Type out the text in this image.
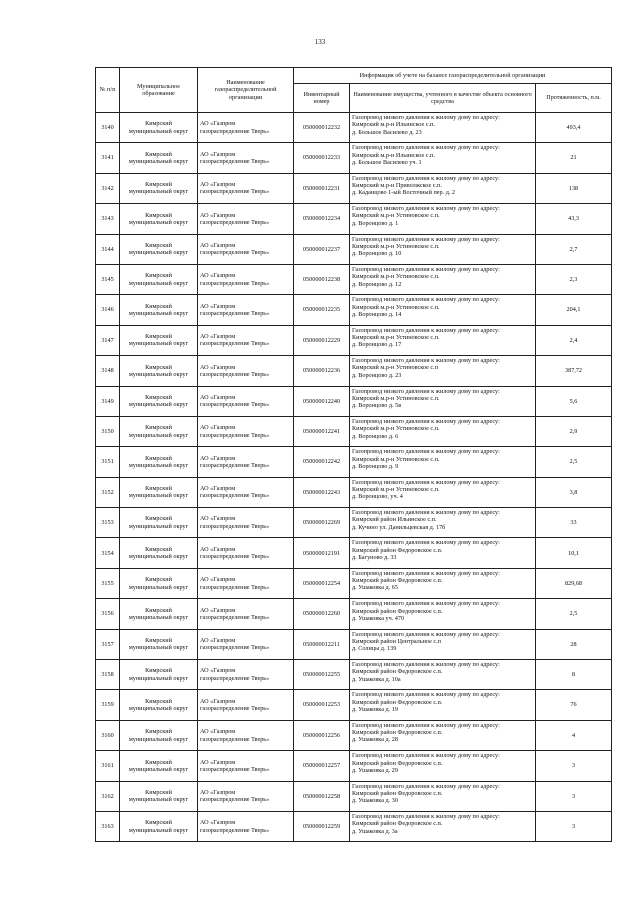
133
№ п/п	Муниципальное образование	Наименование газораспределительной организации	Информация об учете на балансе газораспределительной организации		
			Инвентарный номер	Наименование имущества, учтенного в качестве объекта основного средства	Протяженность, п.м.
3140	Кимрский
муниципальный округ	АО «Газпром
газораспределение Тверь»	050000012232	Газопровод низкого давления к жилому дому по адресу:
Кимрский м.р-н Ильинское с.п.
д. Большое Василево д. 23	493,4
3141	Кимрский
муниципальный округ	АО «Газпром
газораспределение Тверь»	050000012233	Газопровод низкого давления к жилому дому по адресу:
Кимрский м.р-н Ильинское с.п.
д. Большое Василево уч. 1	21
3142	Кимрский
муниципальный округ	АО «Газпром
газораспределение Тверь»	050000012231	Газопровод низкого давления к жилому дому по адресу:
Кимрский м.р-н Приволжское с.п.
д. Каданцово 1-ый Восточный пер. д. 2	138
3143	Кимрский
муниципальный округ	АО «Газпром
газораспределение Тверь»	050000012234	Газопровод низкого давления к жилому дому по адресу:
Кимрский м.р-н Устиновское с.п.
д. Воронцово д. 1	43,3
3144	Кимрский
муниципальный округ	АО «Газпром
газораспределение Тверь»	050000012237	Газопровод низкого давления к жилому дому по адресу:
Кимрский м.р-н Устиновское с.п.
д. Воронцово д. 10	2,7
3145	Кимрский
муниципальный округ	АО «Газпром
газораспределение Тверь»	050000012238	Газопровод низкого давления к жилому дому по адресу:
Кимрский м.р-н Устиновское с.п.
д. Воронцово д. 12	2,3
3146	Кимрский
муниципальный округ	АО «Газпром
газораспределение Тверь»	050000012235	Газопровод низкого давления к жилому дому по адресу:
Кимрский м.р-н Устиновское с.п.
д. Воронцово д. 14	204,1
3147	Кимрский
муниципальный округ	АО «Газпром
газораспределение Тверь»	050000012229	Газопровод низкого давления к жилому дому по адресу:
Кимрский м.р-н Устиновское с.п.
д. Воронцово д. 17	2,4
3148	Кимрский
муниципальный округ	АО «Газпром
газораспределение Тверь»	050000012236	Газопровод низкого давления к жилому дому по адресу:
Кимрский м.р-н Устиновское с.п
д. Воронцово д. 23	387,72
3149	Кимрский
муниципальный округ	АО «Газпром
газораспределение Тверь»	050000012240	Газопровод низкого давления к жилому дому по адресу:
Кимрский м.р-н Устиновское с.п.
д. Воронцово д. 5в	5,6
3150	Кимрский
муниципальный округ	АО «Газпром
газораспределение Тверь»	050000012241	Газопровод низкого давления к жилому дому по адресу:
Кимрский м.р-н Устиновское с.п.
д. Воронцово д. 6	2,9
3151	Кимрский
муниципальный округ	АО «Газпром
газораспределение Тверь»	050000012242	Газопровод низкого давления к жилому дому по адресу:
Кимрский м.р-н Устиновское с.п.
д. Воронцово д. 9	2,5
3152	Кимрский
муниципальный округ	АО «Газпром
газораспределение Тверь»	050000012243	Газопровод низкого давления к жилому дому по адресу:
Кимрский м.р-н Устиновское с.п.
д. Воронцово, уч. 4	3,8
3153	Кимрский
муниципальный округ	АО «Газпром
газораспределение Тверь»	050000012269	Газопровод низкого давления к жилому дому по адресу:
Кимрский район Ильинское с.п.
д. Кучино ул. Данильцевская д. 17б	33
3154	Кимрский
муниципальный округ	АО «Газпром
газораспределение Тверь»	050000012191	Газопровод низкого давления к жилому дому по адресу:
Кимрский район Федоровское с.п.
д. Багуново д. 33	10,1
3155	Кимрский
муниципальный округ	АО «Газпром
газораспределение Тверь»	050000012254	Газопровод низкого давления к жилому дому по адресу:
Кимрский район Федоровское с.п.
д. Ушаковка д. 65	829,68
3156	Кимрский
муниципальный округ	АО «Газпром
газораспределение Тверь»	050000012260	Газопровод низкого давления к жилому дому по адресу:
Кимрский район Федоровское с.п.
д. Ушаковка уч. 470	2,5
3157	Кимрский
муниципальный округ	АО «Газпром
газораспределение Тверь»	050000012211	Газопровод низкого давления к жилому дому по адресу:
Кимрский район Центральное с.п
д. Солнцы д. 139	28
3158	Кимрский
муниципальный округ	АО «Газпром
газораспределение Тверь»	050000012255	Газопровод низкого давления к жилому дому по адресу:
Кимрский район Федоровское с.п.
д. Ушаковка д. 10а	8
3159	Кимрский
муниципальный округ	АО «Газпром
газораспределение Тверь»	050000012253	Газопровод низкого давления к жилому дому по адресу:
Кимрский район Федоровское с.п.
д. Ушаковка д. 19	76
3160	Кимрский
муниципальный округ	АО «Газпром
газораспределение Тверь»	050000012256	Газопровод низкого давления к жилому дому по адресу:
Кимрский район Федоровское с.п.
д. Ушаковка д. 28	4
3161	Кимрский
муниципальный округ	АО «Газпром
газораспределение Тверь»	050000012257	Газопровод низкого давления к жилому дому по адресу:
Кимрский район Федоровское с.п.
д. Ушаковка д. 29	3
3162	Кимрский
муниципальный округ	АО «Газпром
газораспределение Тверь»	050000012258	Газопровод низкого давления к жилому дому по адресу:
Кимрский район Федоровское с.п.
д. Ушаковка д. 30	3
3163	Кимрский
муниципальный округ	АО «Газпром
газораспределение Тверь»	050000012259	Газопровод низкого давления к жилому дому по адресу:
Кимрский район Федоровское с.п.
д. Ушаковка д. 3а	3
